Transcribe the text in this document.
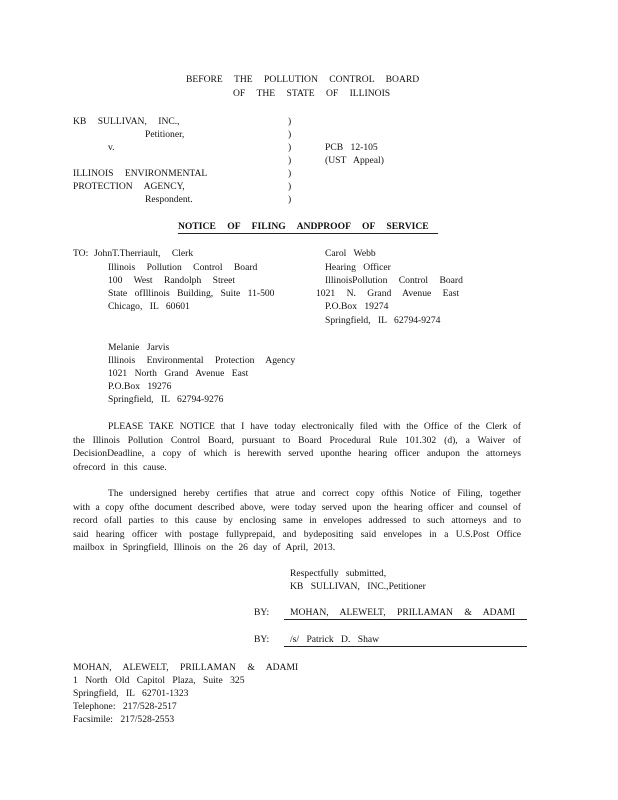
BEFORE THE POLLUTION CONTROL BOARD
OF THE STATE OF ILLINOIS
KB SULLIVAN, INC.,
Petitioner,
v.
ILLINOIS ENVIRONMENTAL
PROTECTION AGENCY,
Respondent.
)
)
)
)
)
)
)
PCB 12-105
(UST Appeal)
NOTICE OF FILING ANDPROOF OF SERVICE
TO: JohnT.Therriault, Clerk
Illinois Pollution Control Board
100 West Randolph Street
State ofIllinois Building, Suite 11-500
Chicago, IL 60601
Carol Webb
Hearing Officer
IllinoisPollution Control Board
1021 N. Grand Avenue East
P.O.Box 19274
Springfield, IL 62794-9274
Melanie Jarvis
Illinois Environmental Protection Agency
1021 North Grand Avenue East
P.O.Box 19276
Springfield, IL 62794-9276
PLEASE TAKE NOTICE that I have today electronically filed with the Office of the Clerk of the Illinois Pollution Control Board, pursuant to Board Procedural Rule 101.302 (d), a Waiver of DecisionDeadline, a copy of which is herewith served uponthe hearing officer andupon the attorneys ofrecord in this cause.
The undersigned hereby certifies that atrue and correct copy ofthis Notice of Filing, together with a copy ofthe document described above, were today served upon the hearing officer and counsel of record ofall parties to this cause by enclosing same in envelopes addressed to such attorneys and to said hearing officer with postage fullyprepaid, and bydepositing said envelopes in a U.S.Post Office mailbox in Springfield, Illinois on the 26 day of April, 2013.
Respectfully submitted,
KB SULLIVAN, INC.,Petitioner
BY: MOHAN, ALEWELT, PRILLAMAN & ADAMI
BY: /s/ Patrick D. Shaw
MOHAN, ALEWELT, PRILLAMAN & ADAMI
1 North Old Capitol Plaza, Suite 325
Springfield, IL 62701-1323
Telephone: 217/528-2517
Facsimile: 217/528-2553
